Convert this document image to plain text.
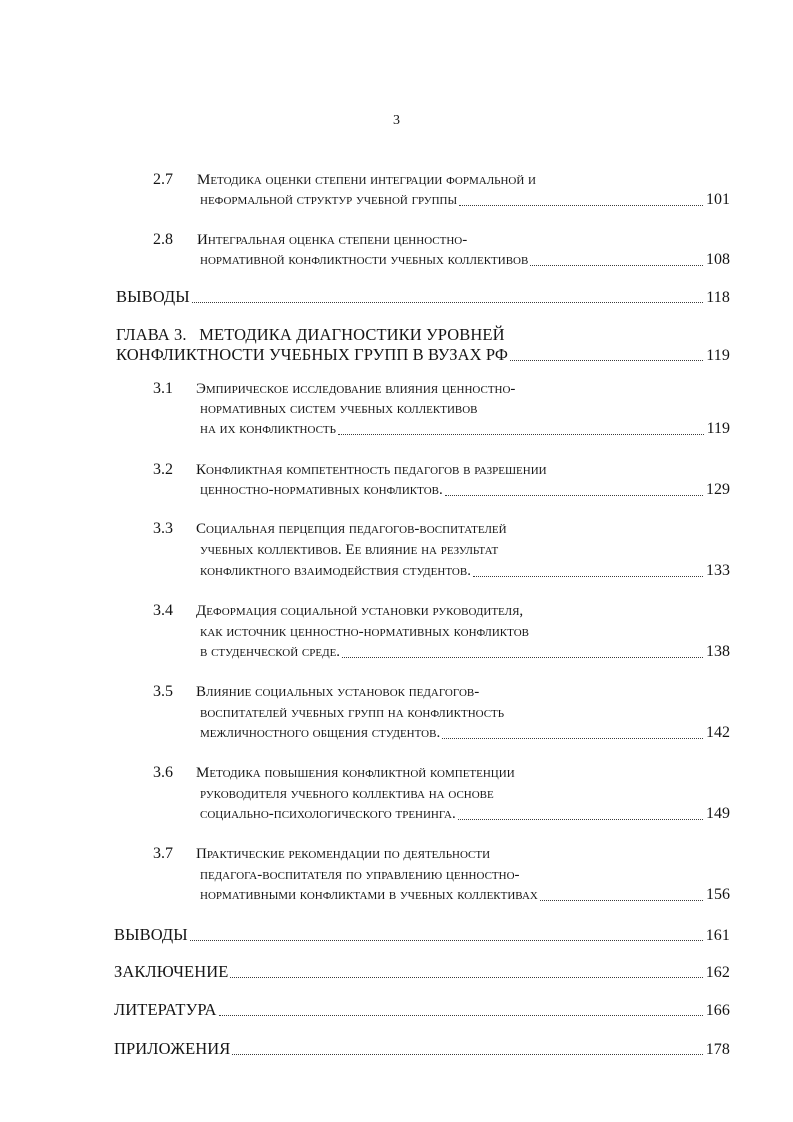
3
2.7 Методика оценки степени интеграции формальной и
неформальной структур учебной группы	101
2.8 Интегральная оценка степени ценностно-
нормативной конфликтности учебных коллективов	108
ВЫВОДЫ	118
ГЛАВА 3.   МЕТОДИКА ДИАГНОСТИКИ УРОВНЕЙ
КОНФЛИКТНОСТИ УЧЕБНЫХ ГРУПП В ВУЗАХ РФ	119
3.1 Эмпирическое исследование влияния ценностно-
нормативных систем учебных коллективов
на их конфликтность	119
3.2 Конфликтная компетентность педагогов в разрешении
ценностно-нормативных конфликтов.	129
3.3 Социальная перцепция педагогов-воспитателей
учебных коллективов. Ее влияние на результат
конфликтного взаимодействия студентов.	133
3.4 Деформация социальной установки руководителя,
как источник ценностно-нормативных конфликтов
в студенческой среде.	138
3.5 Влияние социальных установок педагогов-
воспитателей учебных групп на конфликтность
межличностного общения студентов.	142
3.6 Методика повышения конфликтной компетенции
руководителя учебного коллектива на основе
социально-психологического тренинга.	149
3.7 Практические рекомендации по деятельности
педагога-воспитателя по управлению ценностно-
нормативными конфликтами в учебных коллективах	156
ВЫВОДЫ	161
ЗАКЛЮЧЕНИЕ	162
ЛИТЕРАТУРА	166
ПРИЛОЖЕНИЯ	178
